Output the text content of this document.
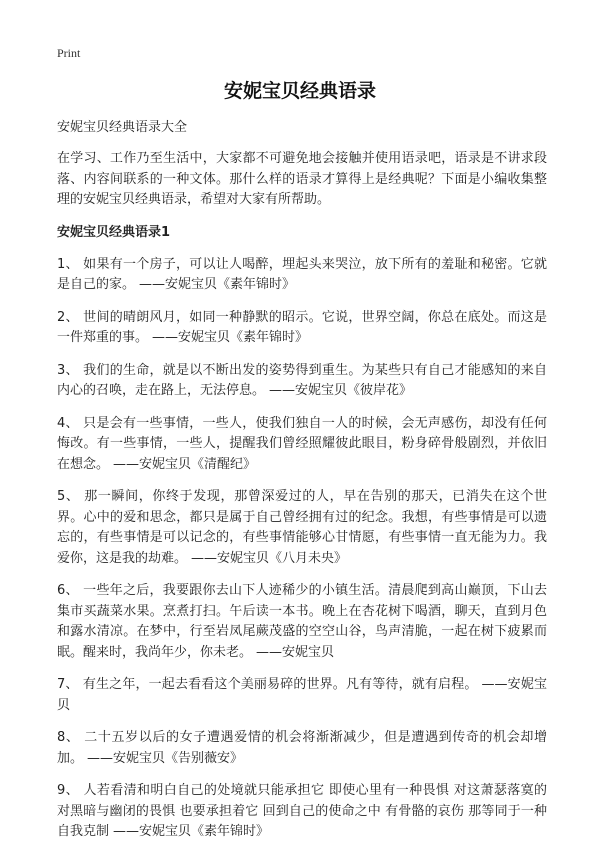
Print
安妮宝贝经典语录

安妮宝贝经典语录大全

在学习、工作乃至生活中，大家都不可避免地会接触并使用语录吧，语录是不讲求段落、内容间联系的一种文体。那什么样的语录才算得上是经典呢？下面是小编收集整理的安妮宝贝经典语录，希望对大家有所帮助。

安妮宝贝经典语录1
1、 如果有一个房子，可以让人喝醉，埋起头来哭泣，放下所有的羞耻和秘密。它就是自己的家。 ——安妮宝贝《素年锦时》
2、 世间的晴朗风月，如同一种静默的昭示。它说，世界空阔，你总在底处。而这是一件郑重的事。 ——安妮宝贝《素年锦时》
3、 我们的生命，就是以不断出发的姿势得到重生。为某些只有自己才能感知的来自内心的召唤，走在路上，无法停息。 ——安妮宝贝《彼岸花》
4、 只是会有一些事情，一些人，使我们独自一人的时候，会无声感伤，却没有任何悔改。有一些事情，一些人，提醒我们曾经照耀彼此眼目，粉身碎骨般剧烈，并依旧在想念。 ——安妮宝贝《清醒纪》
5、 那一瞬间，你终于发现，那曾深爱过的人，早在告别的那天，已消失在这个世界。心中的爱和思念，都只是属于自己曾经拥有过的纪念。我想，有些事情是可以遗忘的，有些事情是可以记念的，有些事情能够心甘情愿，有些事情一直无能为力。我爱你，这是我的劫难。 ——安妮宝贝《八月未央》
6、 一些年之后，我要跟你去山下人迹稀少的小镇生活。清晨爬到高山巅顶，下山去集市买蔬菜水果。烹煮打扫。午后读一本书。晚上在杏花树下喝酒，聊天，直到月色和露水清凉。在梦中，行至岩凤尾蕨茂盛的空空山谷，鸟声清脆，一起在树下疲累而眠。醒来时，我尚年少，你未老。 ——安妮宝贝
7、 有生之年，一起去看看这个美丽易碎的世界。凡有等待，就有启程。 ——安妮宝贝
8、 二十五岁以后的女子遭遇爱情的机会将渐渐减少，但是遭遇到传奇的机会却增加。 ——安妮宝贝《告别薇安》
9、 人若看清和明白自己的处境就只能承担它 即使心里有一种畏惧 对这萧瑟落寞的 对黑暗与幽闭的畏惧 也要承担着它 回到自己的使命之中 有骨骼的哀伤 那等同于一种自我克制 ——安妮宝贝《素年锦时》
